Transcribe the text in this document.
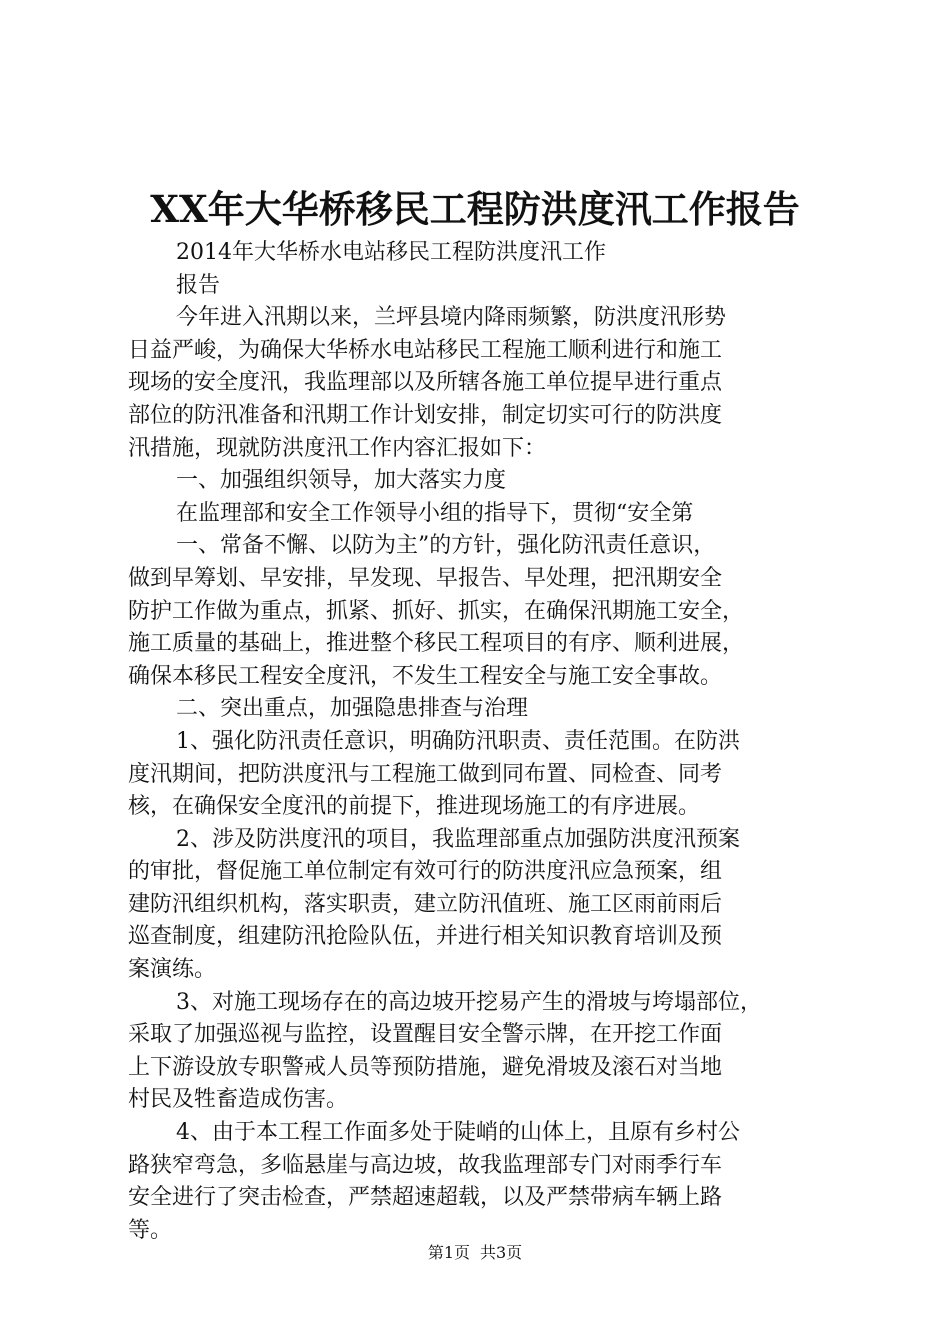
XX年大华桥移民工程防洪度汛工作报告
2014年大华桥水电站移民工程防洪度汛工作
报告
今年进入汛期以来，兰坪县境内降雨频繁，防洪度汛形势
日益严峻，为确保大华桥水电站移民工程施工顺利进行和施工
现场的安全度汛，我监理部以及所辖各施工单位提早进行重点
部位的防汛准备和汛期工作计划安排，制定切实可行的防洪度
汛措施，现就防洪度汛工作内容汇报如下：
一、加强组织领导，加大落实力度
在监理部和安全工作领导小组的指导下，贯彻“安全第
一、常备不懈、以防为主”的方针，强化防汛责任意识，
做到早筹划、早安排，早发现、早报告、早处理，把汛期安全
防护工作做为重点，抓紧、抓好、抓实，在确保汛期施工安全，
施工质量的基础上，推进整个移民工程项目的有序、顺利进展，
确保本移民工程安全度汛，不发生工程安全与施工安全事故。
二、突出重点，加强隐患排查与治理
1、强化防汛责任意识，明确防汛职责、责任范围。在防洪
度汛期间，把防洪度汛与工程施工做到同布置、同检查、同考
核，在确保安全度汛的前提下，推进现场施工的有序进展。
2、涉及防洪度汛的项目，我监理部重点加强防洪度汛预案
的审批，督促施工单位制定有效可行的防洪度汛应急预案，组
建防汛组织机构，落实职责，建立防汛值班、施工区雨前雨后
巡查制度，组建防汛抢险队伍，并进行相关知识教育培训及预
案演练。
3、对施工现场存在的高边坡开挖易产生的滑坡与垮塌部位，
采取了加强巡视与监控，设置醒目安全警示牌，在开挖工作面
上下游设放专职警戒人员等预防措施，避免滑坡及滚石对当地
村民及牲畜造成伤害。
4、由于本工程工作面多处于陡峭的山体上，且原有乡村公
路狭窄弯急，多临悬崖与高边坡，故我监理部专门对雨季行车
安全进行了突击检查，严禁超速超载，以及严禁带病车辆上路
等。
第1页 共3页
